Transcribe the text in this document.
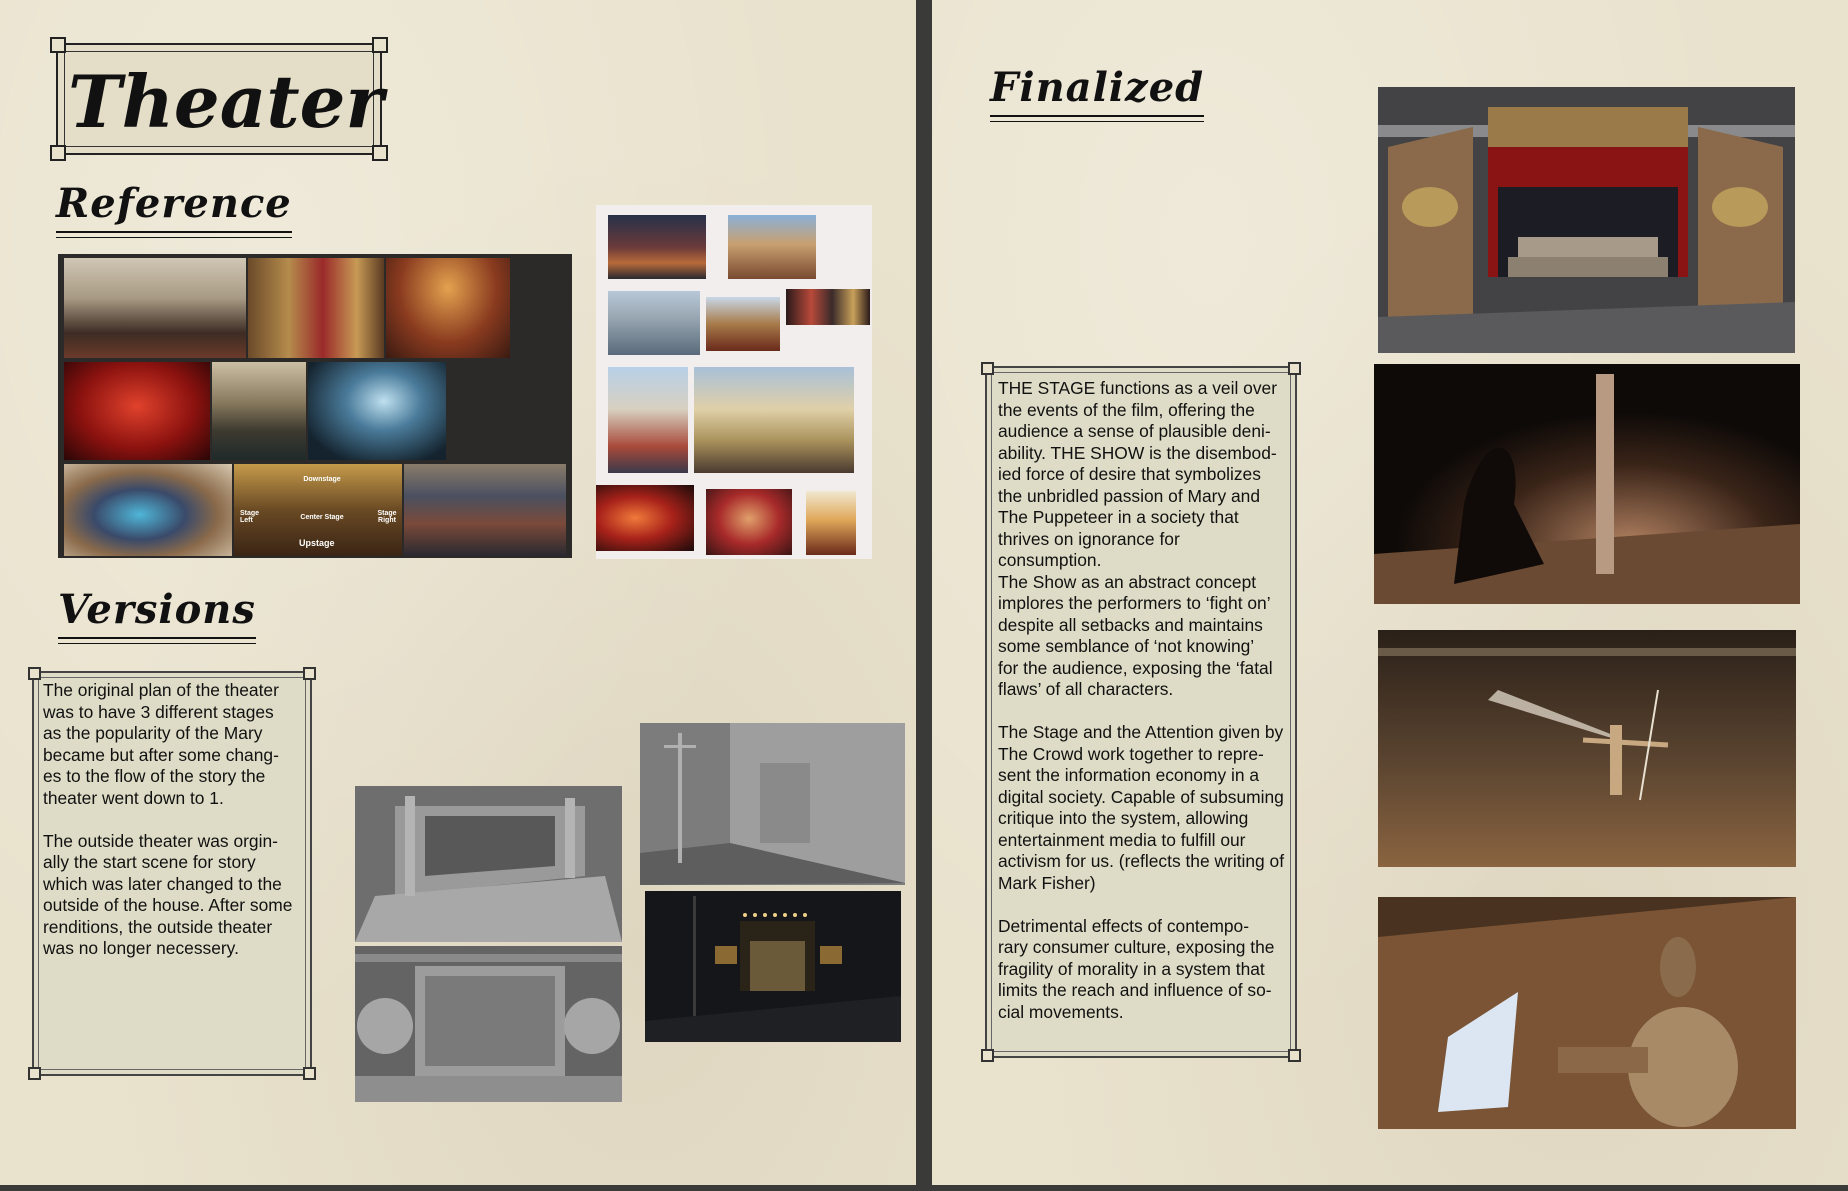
Theater
Reference
Downstage
Stage
Left	Center Stage
Stage
Right
Upstage
Versions

The original plan of the theater
was to have 3 different stages
as the popularity of the Mary
became but after some chang-
es to the flow of the story the
theater went down to 1.

The outside theater was orgin-
ally the start scene for story
which was later changed to the
outside of the house. After some
renditions, the outside theater
was no longer necessery.

Finalized

THE STAGE functions as a veil over
the events of the film, offering the
audience a sense of plausible deni-
ability. THE SHOW is the disembod-
ied force of desire that symbolizes
the unbridled passion of Mary and
The Puppeteer in a society that
thrives on ignorance for consumption.
The Show as an abstract concept
implores the performers to ‘fight on’
despite all setbacks and maintains
some semblance of ‘not knowing’
for the audience, exposing the ‘fatal
flaws’ of all characters.

The Stage and the Attention given by
The Crowd work together to repre-
sent the information economy in a
digital society. Capable of subsuming
critique into the system, allowing
entertainment media to fulfill our
activism for us. (reflects the writing of
Mark Fisher)

Detrimental effects of contempo-
rary consumer culture, exposing the
fragility of morality in a system that
limits the reach and influence of so-
cial movements.
